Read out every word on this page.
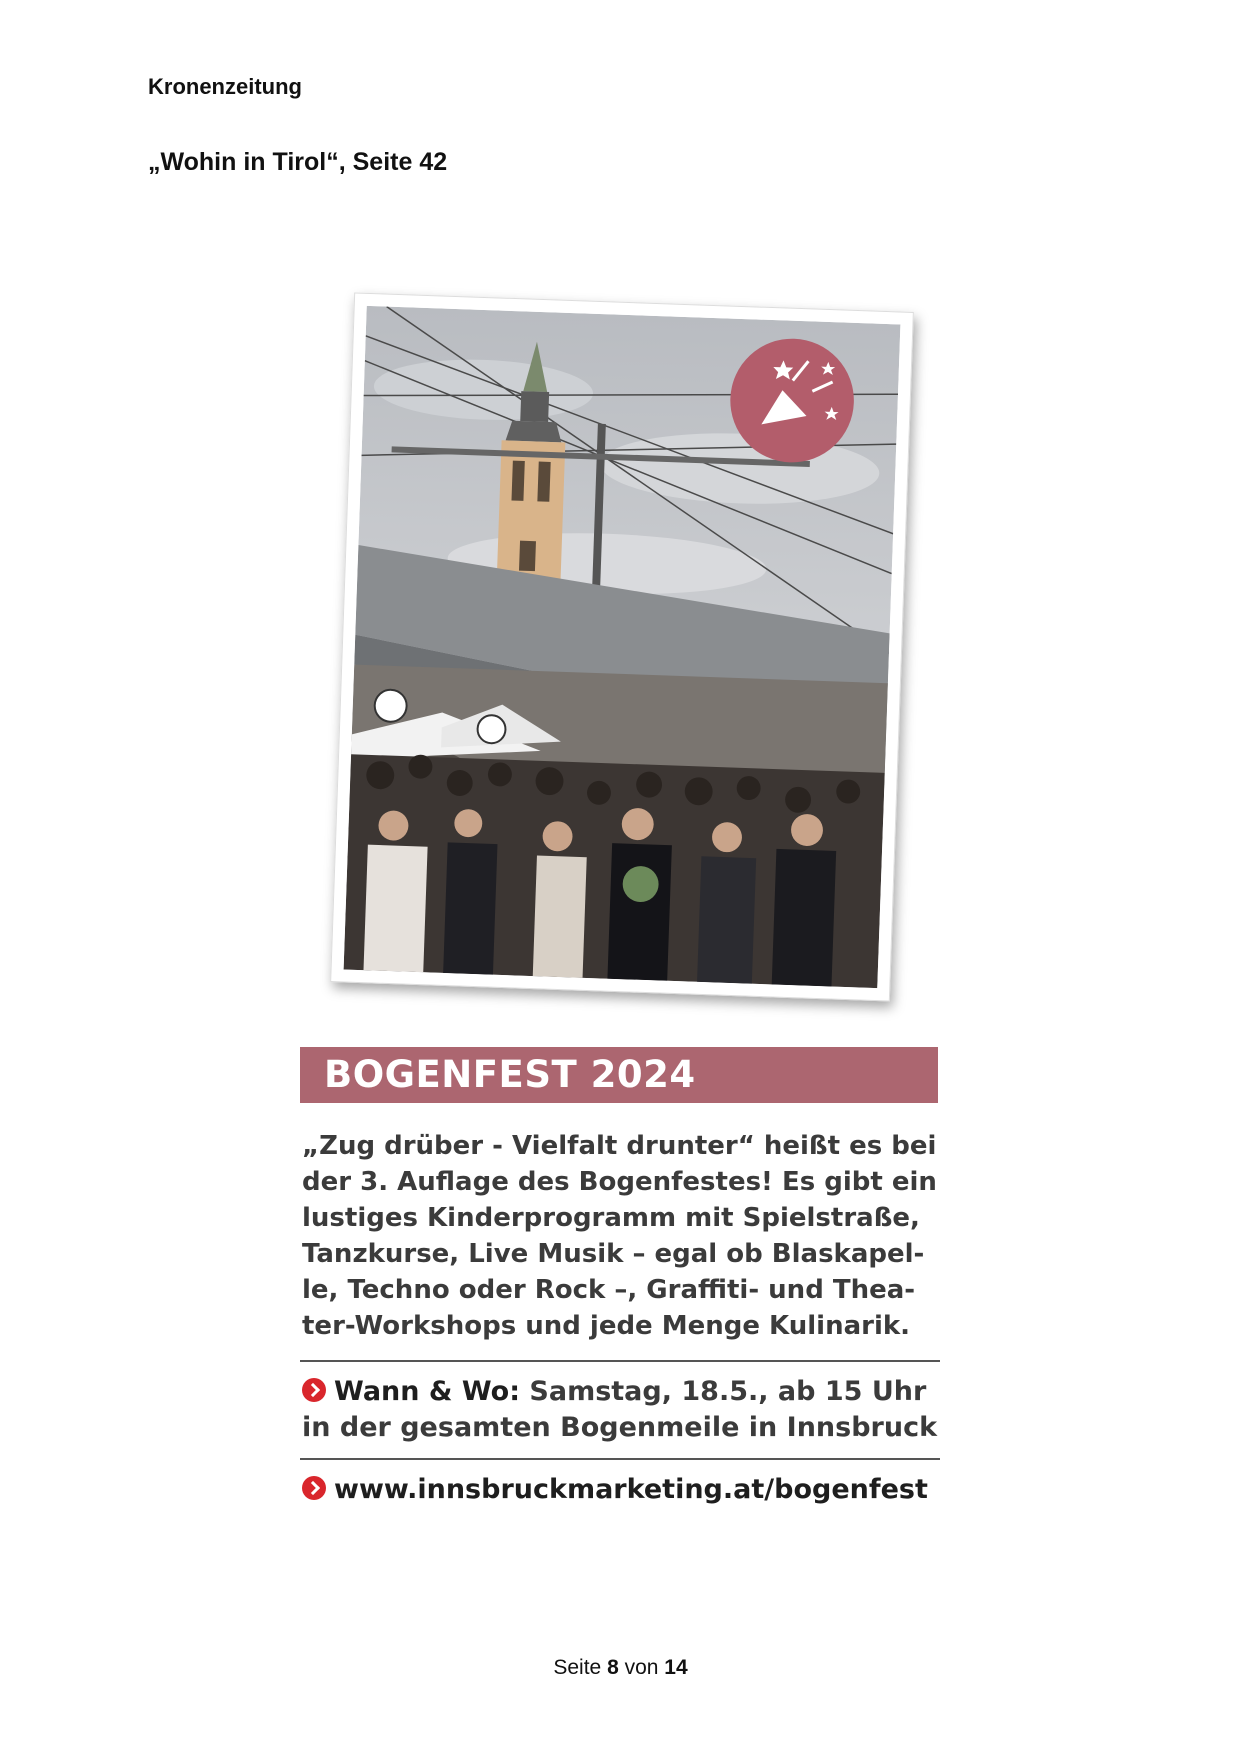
Kronenzeitung
„Wohin in Tirol“, Seite 42
BOGENFEST 2024

„Zug drüber - Vielfalt drunter“ heißt es bei

der 3. Auflage des Bogenfestes! Es gibt ein

lustiges Kinderprogramm mit Spielstraße,

Tanzkurse, Live Musik – egal ob Blaskapel-

le, Techno oder Rock –, Graffiti- und Thea-

ter-Workshops und jede Menge Kulinarik.

Wann & Wo: Samstag, 18.5., ab 15 Uhr
in der gesamten Bogenmeile in Innsbruck
www.innsbruckmarketing.at/bogenfest
Seite 8 von 14
